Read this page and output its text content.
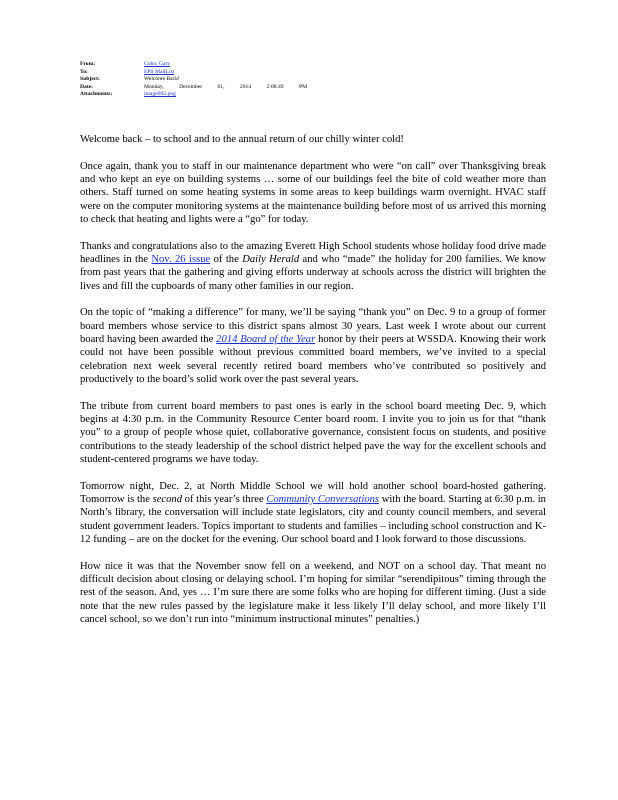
From:	Cohn, Gary
To:	EPS MailList
Subject:	Welcome Back!
Date:	Monday,	December	01,	2014	2:08:49	PM
Attachments:	image002.png

Welcome back – to school and to the annual return of our chilly winter cold!

Once again, thank you to staff in our maintenance department who were “on call” over Thanksgiving break and who kept an eye on building systems … some of our buildings feel the bite of cold weather more than others. Staff turned on some heating systems in some areas to keep buildings warm overnight. HVAC staff were on the computer monitoring systems at the maintenance building before most of us arrived this morning to check that heating and lights were a “go” for today.

Thanks and congratulations also to the amazing Everett High School students whose holiday food drive made headlines in the Nov. 26 issue of the Daily Herald and who “made” the holiday for 200 families. We know from past years that the gathering and giving efforts underway at schools across the district will brighten the lives and fill the cupboards of many other families in our region.

On the topic of “making a difference” for many, we’ll be saying “thank you” on Dec. 9 to a group of former board members whose service to this district spans almost 30 years. Last week I wrote about our current board having been awarded the 2014 Board of the Year honor by their peers at WSSDA. Knowing their work could not have been possible without previous committed board members, we’ve invited to a special celebration next week several recently retired board members who’ve contributed so positively and productively to the board’s solid work over the past several years.

The tribute from current board members to past ones is early in the school board meeting Dec. 9, which begins at 4:30 p.m. in the Community Resource Center board room. I invite you to join us for that “thank you” to a group of people whose quiet, collaborative governance, consistent focus on students, and positive contributions to the steady leadership of the school district helped pave the way for the excellent schools and student-centered programs we have today.

Tomorrow night, Dec. 2, at North Middle School we will hold another school board-hosted gathering. Tomorrow is the second of this year’s three Community Conversations with the board. Starting at 6:30 p.m. in North’s library, the conversation will include state legislators, city and county council members, and several student government leaders. Topics important to students and families – including school construction and K-12 funding – are on the docket for the evening. Our school board and I look forward to those discussions.

How nice it was that the November snow fell on a weekend, and NOT on a school day. That meant no difficult decision about closing or delaying school. I’m hoping for similar “serendipitous” timing through the rest of the season. And, yes … I’m sure there are some folks who are hoping for different timing. (Just a side note that the new rules passed by the legislature make it less likely I’ll delay school, and more likely I’ll cancel school, so we don’t run into “minimum instructional minutes” penalties.)
